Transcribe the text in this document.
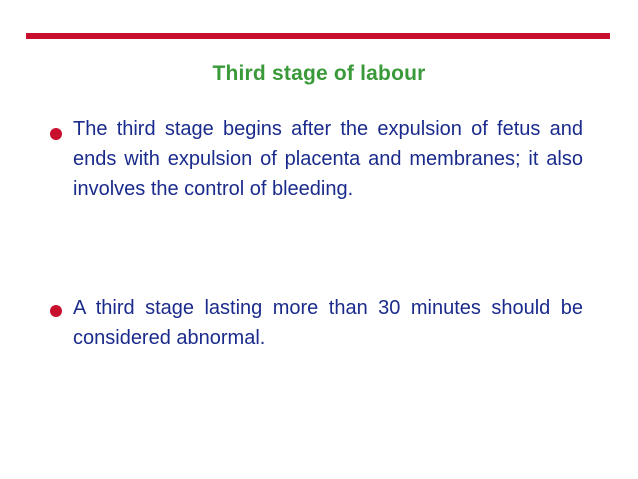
Third stage of labour
The third stage begins after the expulsion of fetus and ends with expulsion of placenta and membranes; it also involves the control of bleeding.
A third stage lasting more than 30 minutes should be considered abnormal.
